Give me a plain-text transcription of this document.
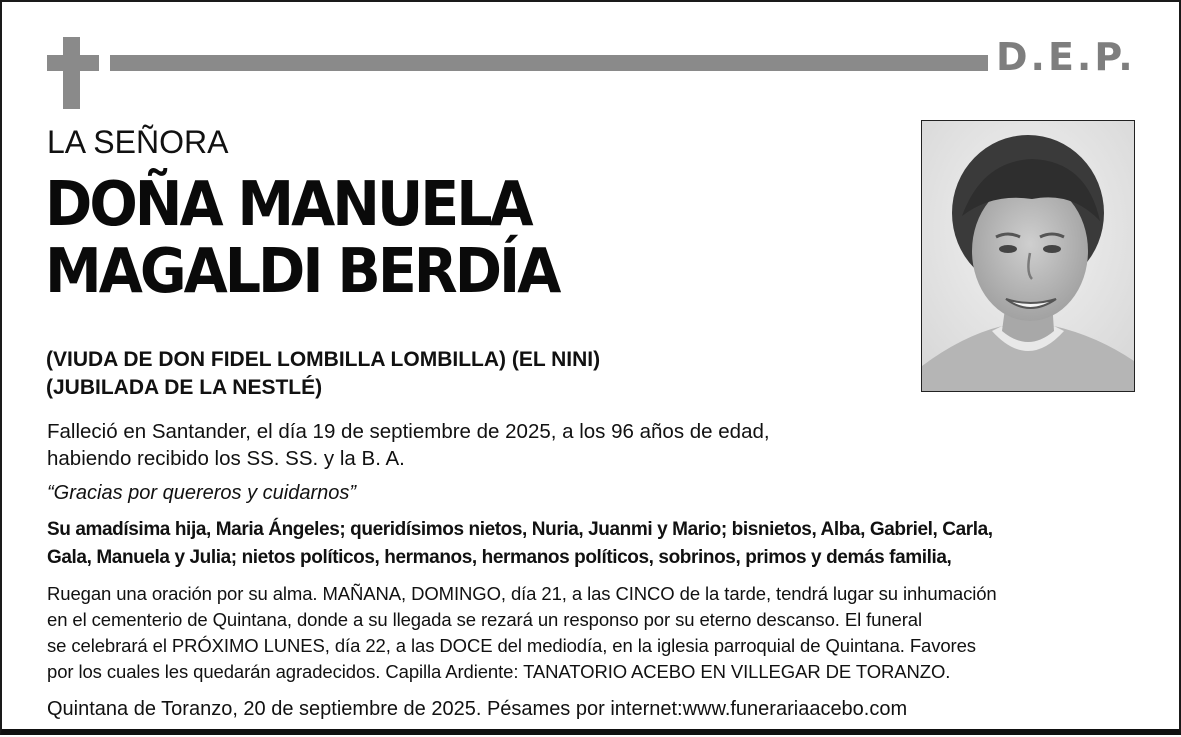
D.E.P.
LA SEÑORA
DOÑA MANUELA
MAGALDI BERDÍA
(VIUDA DE DON FIDEL LOMBILLA LOMBILLA) (EL NINI)
(JUBILADA DE LA NESTLÉ)
Falleció en Santander, el día 19 de septiembre de 2025, a los 96 años de edad,
habiendo recibido los SS. SS. y la B. A.
“Gracias por quereros y cuidarnos”
Su amadísima hija, Maria Ángeles; queridísimos nietos, Nuria, Juanmi y Mario; bisnietos, Alba, Gabriel, Carla,
Gala, Manuela y Julia; nietos políticos, hermanos, hermanos políticos, sobrinos, primos y demás familia,
Ruegan una oración por su alma. MAÑANA, DOMINGO, día 21, a las CINCO de la tarde, tendrá lugar su inhumación
en el cementerio de Quintana, donde a su llegada se rezará un responso por su eterno descanso. El funeral
se celebrará el PRÓXIMO LUNES, día 22, a las DOCE del mediodía, en la iglesia parroquial de Quintana. Favores
por los cuales les quedarán agradecidos. Capilla Ardiente: TANATORIO ACEBO EN VILLEGAR DE TORANZO.
Quintana de Toranzo, 20 de septiembre de 2025. Pésames por internet:www.funerariaacebo.com
